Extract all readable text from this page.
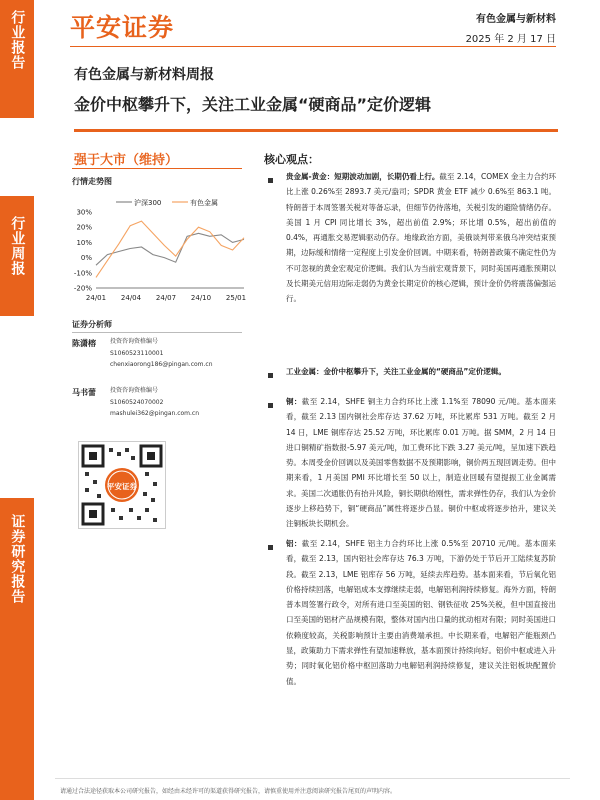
行业报告
行业周报
证券研究报告
平安证券	有色金属与新材料
2025 年 2 月 17 日
有色金属与新材料周报
金价中枢攀升下，关注工业金属“硬商品”定价逻辑
强于大市（维持）
行情走势图
沪深300	有色金属
30%
20%
10%
0%
-10%
-20%
24/01 24/04 24/07 24/10 25/01
证券分析师
陈潇榕 投资咨询资格编号
S1060523110001
chenxiaorong186@pingan.com.cn
马书蕾 投资咨询资格编号
S1060524070002
mashulei362@pingan.com.cn
平安证券
核心观点：
贵金属-黄金：短期波动加剧，长期仍看上行。截至 2.14，COMEX 金主力合约环比上涨 0.26%至 2893.7 美元/盎司；SPDR 黄金 ETF 减少 0.6%至 863.1 吨。特朗普于本周签署关税对等备忘录，但细节仍待落地，关税引发的避险情绪仍存。美国 1 月 CPI 同比增长 3%，超出前值 2.9%；环比增 0.5%，超出前值的 0.4%，再通胀交易逻辑驱动仍存。地缘政治方面，美俄谈判带来俄乌冲突结束预期，边际缓和情绪一定程度上引发金价回调。中期来看，特朗普政策不确定性仍为不可忽视的黄金宏观定价逻辑。我们认为当前宏观背景下，同时美国再通胀预期以及长期美元信用边际走弱仍为黄金长期定价的核心逻辑，预计金价仍将震荡偏强运行。
工业金属：金价中枢攀升下，关注工业金属的“硬商品”定价逻辑。
铜：截至 2.14，SHFE 铜主力合约环比上涨 1.1%至 78090 元/吨。基本面来看，截至 2.13 国内铜社会库存达 37.62 万吨，环比累库 531 万吨。截至 2 月 14 日，LME 铜库存达 25.52 万吨，环比累库 0.01 万吨。据 SMM，2 月 14 日进口铜精矿指数报-5.97 美元/吨，加工费环比下跌 3.27 美元/吨，呈加速下跌趋势。本周受金价回调以及美国零售数据不及预期影响，铜价两五现回调走势。但中期来看，1 月美国 PMI 环比增长至 50 以上，制造业回暖有望提振工业金属需求。美国二次通胀仍有抬升风险，铜长期供给刚性，需求弹性仍存，我们认为金价逐步上移趋势下，铜“硬商品”属性将逐步凸显。铜价中枢或将逐步抬升，建议关注铜板块长期机会。
铝：截至 2.14，SHFE 铝主力合约环比上涨 0.5%至 20710 元/吨。基本面来看，截至 2.13，国内铝社会库存达 76.3 万吨，下游仍处于节后开工陆续复苏阶段。截至 2.13，LME 铝库存 56 万吨，延续去库趋势。基本面来看，节后氧化铝价格持续回落，电解铝成本支撑继续走弱，电解铝利润持续修复。海外方面，特朗普本周签署行政令，对所有进口至美国的铝、钢铁征收 25%关税，但中国直接出口至美国的铝材产品规模有限，整体对国内出口量的扰动相对有限；同时美国进口依赖度较高，关税影响预计主要由消费端承担。中长期来看，电解铝产能瓶颈凸显，政策助力下需求弹性有望加速释放，基本面预计持续向好。铝价中枢或进入升势；同时氧化铝价格中枢回落助力电解铝利润持续修复，建议关注铝板块配置价值。
请通过合法途径获取本公司研究报告，如经由未经许可的渠道获得研究报告，请慎重使用并注意阅读研究报告尾页的声明内容。
